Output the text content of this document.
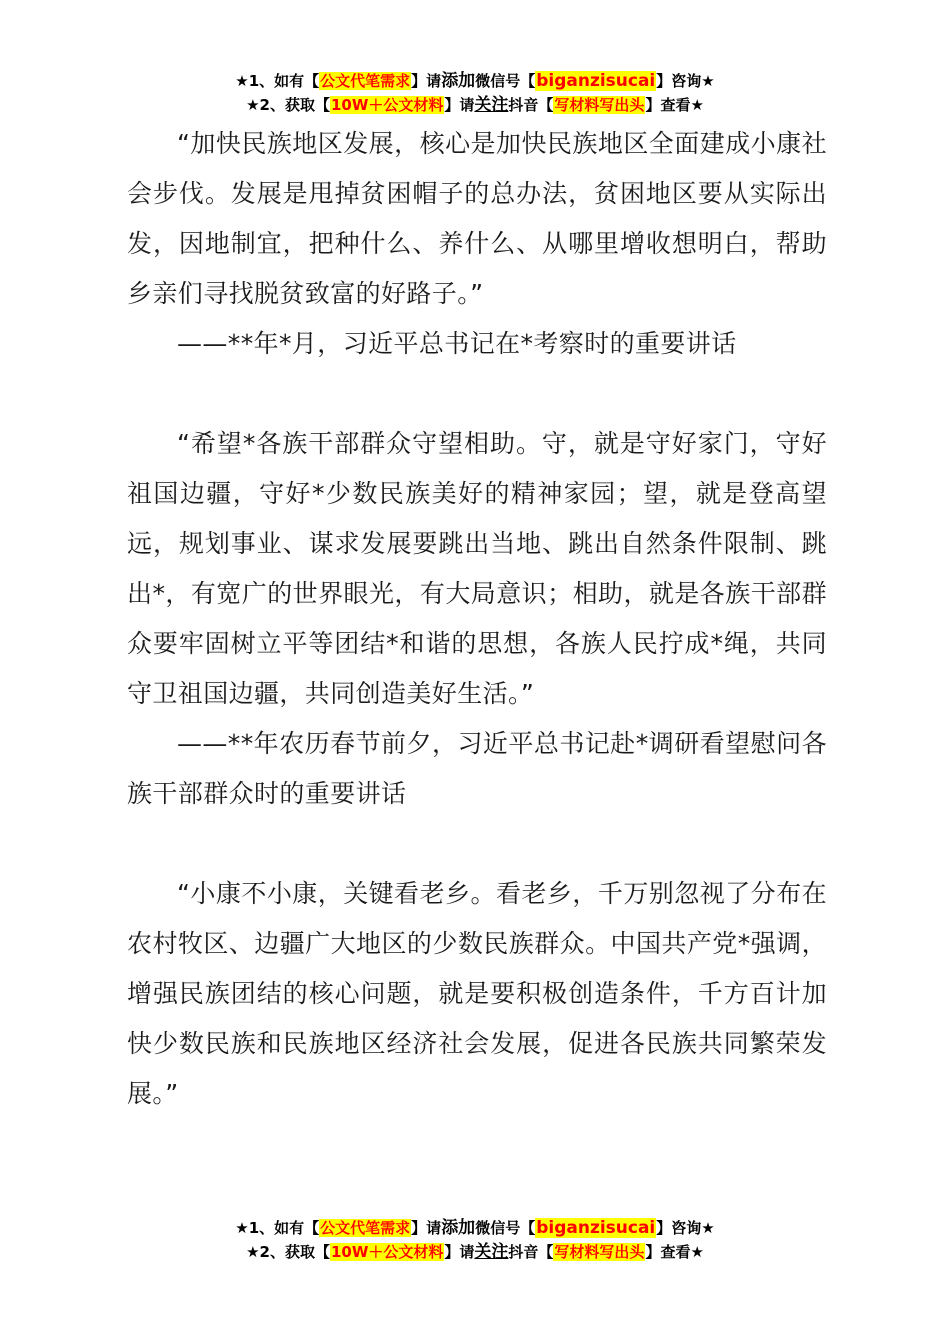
★1、如有【公文代笔需求】请添加微信号【biganzisucai】咨询★
★2、获取【10W＋公文材料】请关注抖音【写材料写出头】查看★

“加快民族地区发展，核心是加快民族地区全面建成小康社会步伐。发展是甩掉贫困帽子的总办法，贫困地区要从实际出发，因地制宜，把种什么、养什么、从哪里增收想明白，帮助乡亲们寻找脱贫致富的好路子。”

——**年*月，习近平总书记在*考察时的重要讲话

“希望*各族干部群众守望相助。守，就是守好家门，守好祖国边疆，守好*少数民族美好的精神家园；望，就是登高望远，规划事业、谋求发展要跳出当地、跳出自然条件限制、跳出*，有宽广的世界眼光，有大局意识；相助，就是各族干部群众要牢固树立平等团结*和谐的思想，各族人民拧成*绳，共同守卫祖国边疆，共同创造美好生活。”

——**年农历春节前夕，习近平总书记赴*调研看望慰问各族干部群众时的重要讲话

“小康不小康，关键看老乡。看老乡，千万别忽视了分布在农村牧区、边疆广大地区的少数民族群众。中国共产党*强调，增强民族团结的核心问题，就是要积极创造条件，千方百计加快少数民族和民族地区经济社会发展，促进各民族共同繁荣发展。”

★1、如有【公文代笔需求】请添加微信号【biganzisucai】咨询★
★2、获取【10W＋公文材料】请关注抖音【写材料写出头】查看★
